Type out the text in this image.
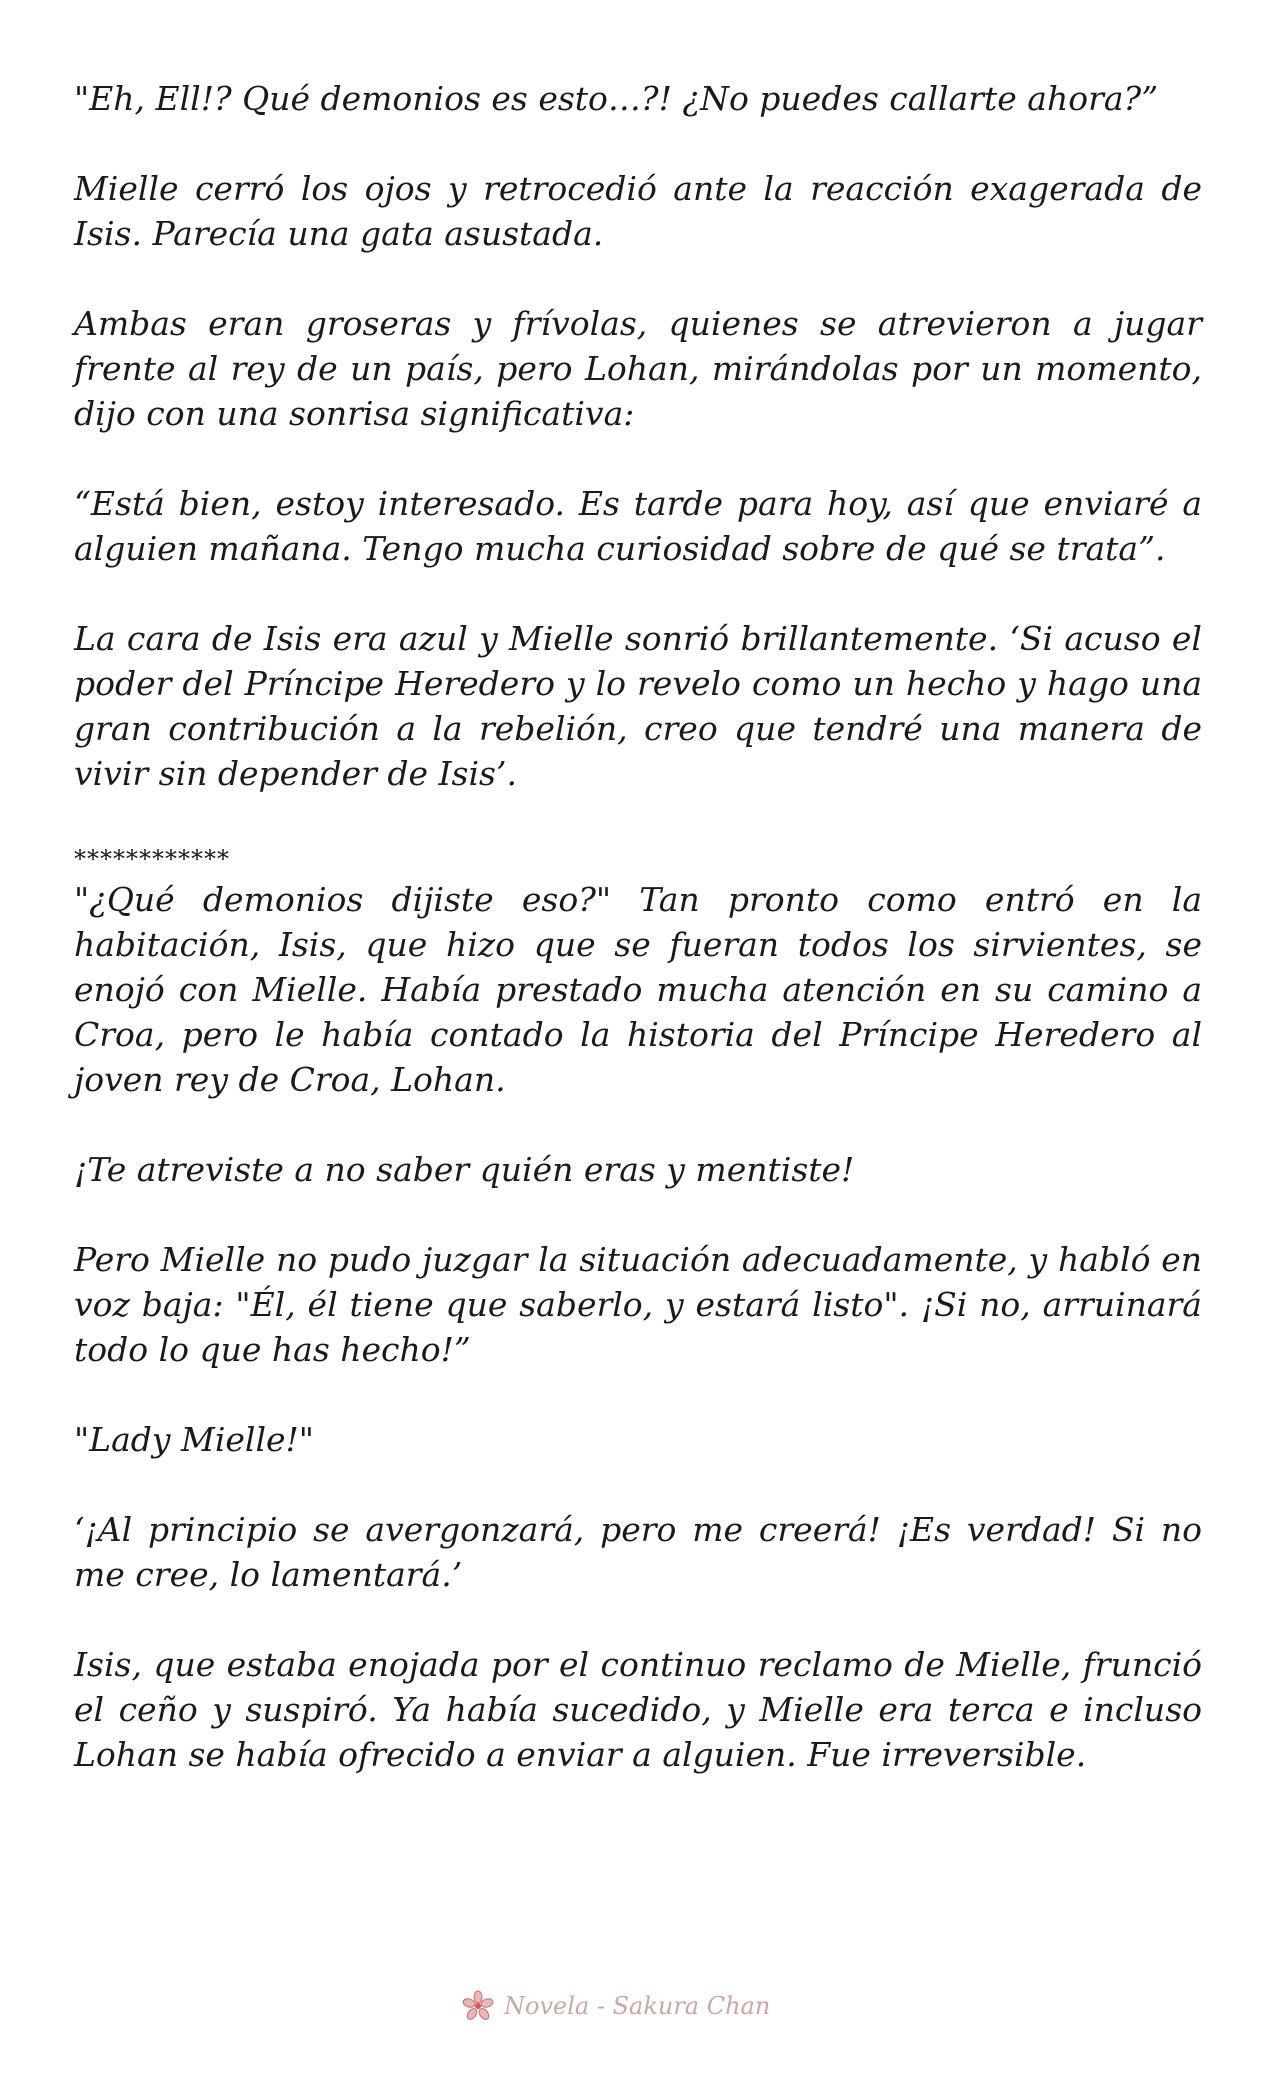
"Eh, Ell!? Qué demonios es esto…?! ¿No puedes callarte ahora?”

Mielle cerró los ojos y retrocedió ante la reacción exagerada de Isis. Parecía una gata asustada.

Ambas eran groseras y frívolas, quienes se atrevieron a jugar frente al rey de un país, pero Lohan, mirándolas por un momento, dijo con una sonrisa significativa:

“Está bien, estoy interesado. Es tarde para hoy, así que enviaré a alguien mañana. Tengo mucha curiosidad sobre de qué se trata”.

La cara de Isis era azul y Mielle sonrió brillantemente. ‘Si acuso el poder del Príncipe Heredero y lo revelo como un hecho y hago una gran contribución a la rebelión, creo que tendré una manera de vivir sin depender de Isis’.

************

"¿Qué demonios dijiste eso?" Tan pronto como entró en la habitación, Isis, que hizo que se fueran todos los sirvientes, se enojó con Mielle. Había prestado mucha atención en su camino a Croa, pero le había contado la historia del Príncipe Heredero al joven rey de Croa, Lohan.

¡Te atreviste a no saber quién eras y mentiste!

Pero Mielle no pudo juzgar la situación adecuadamente, y habló en voz baja: "Él, él tiene que saberlo, y estará listo". ¡Si no, arruinará todo lo que has hecho!”

"Lady Mielle!"

‘¡Al principio se avergonzará, pero me creerá! ¡Es verdad! Si no me cree, lo lamentará.’

Isis, que estaba enojada por el continuo reclamo de Mielle, frunció el ceño y suspiró. Ya había sucedido, y Mielle era terca e incluso Lohan se había ofrecido a enviar a alguien. Fue irreversible.

Novela - Sakura Chan
